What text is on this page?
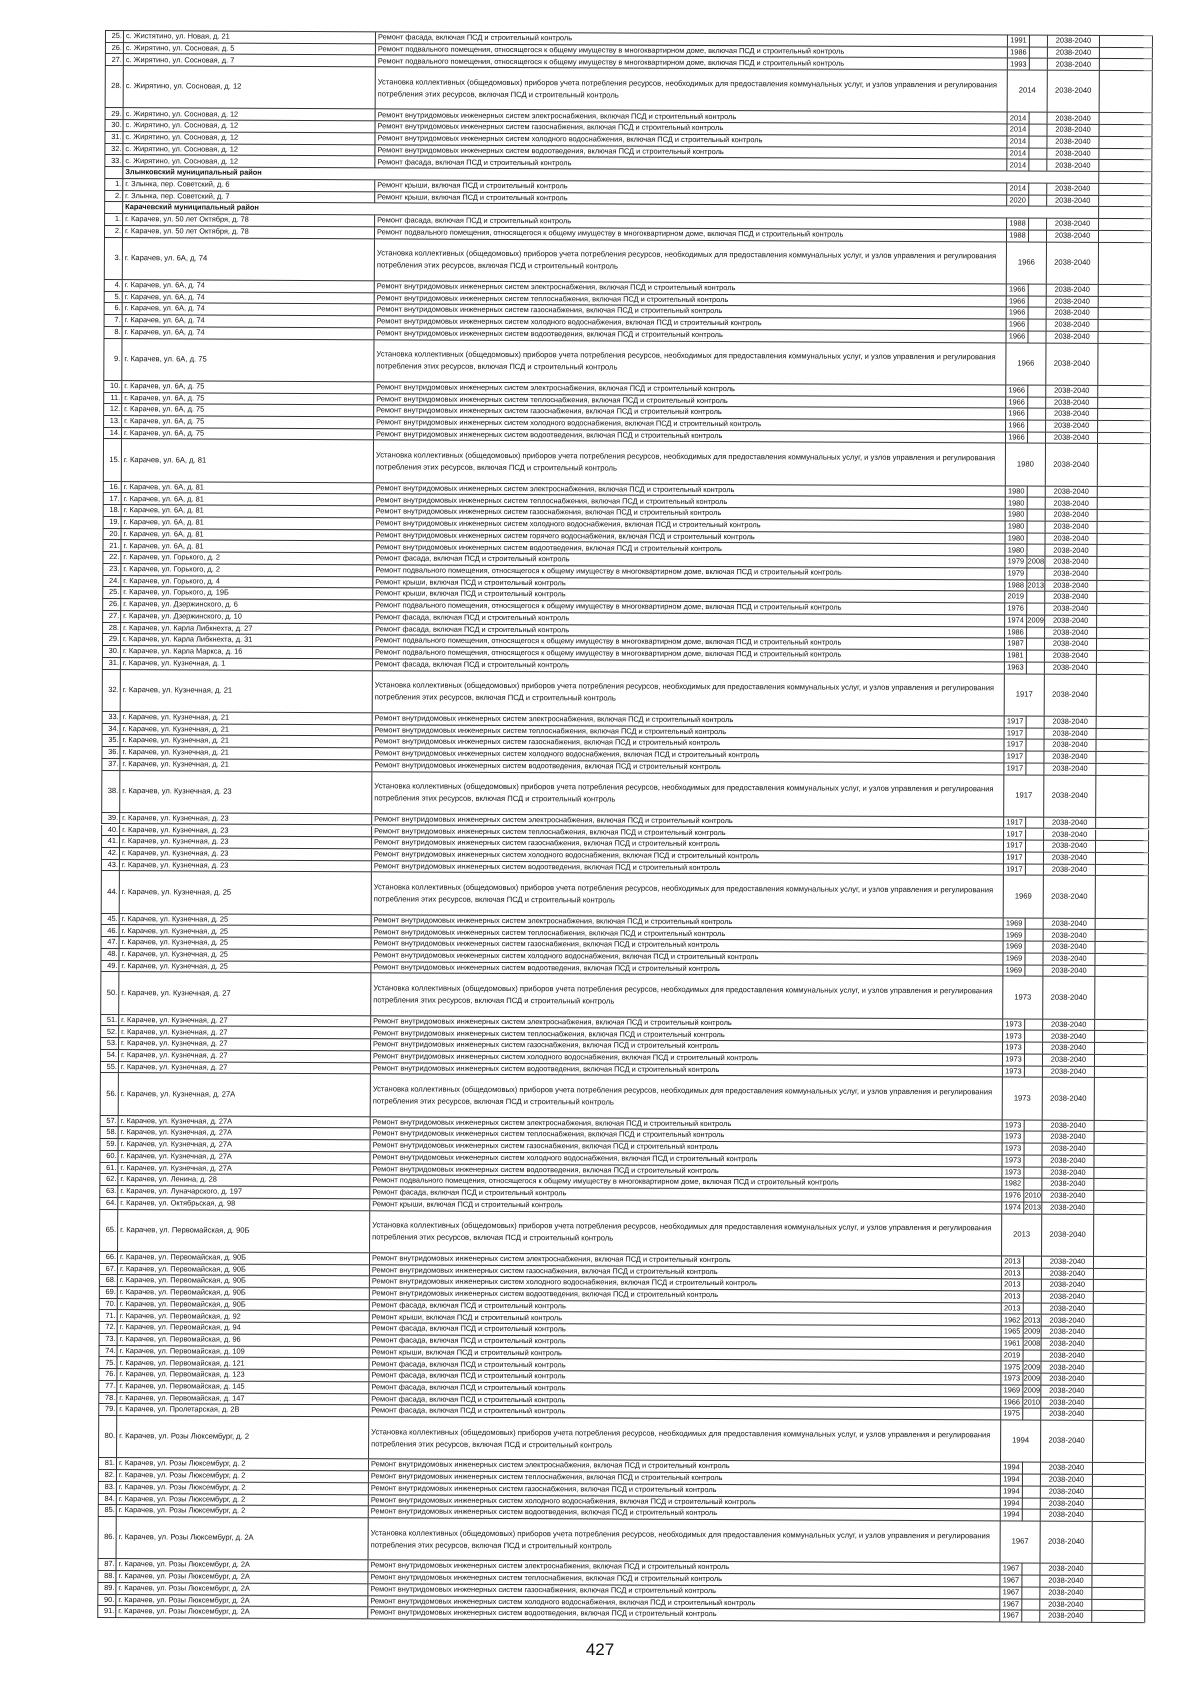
25. с. Жистятино, ул. Новая, д. 21	Ремонт фасада, включая ПСД и строительный контроль	1991	2038-2040
26. с. Жирятино, ул. Сосновая, д. 5	Ремонт подвального помещения, относящегося к общему имуществу в многоквартирном доме, включая ПСД и строительный контроль	1986	2038-2040
27. с. Жирятино, ул. Сосновая, д. 7	Ремонт подвального помещения, относящегося к общему имуществу в многоквартирном доме, включая ПСД и строительный контроль	1993	2038-2040
28. с. Жирятино, ул. Сосновая, д. 12	Установка коллективных (общедомовых) приборов учета потребления ресурсов, необходимых для предоставления коммунальных услуг, и узлов управления и регулирования потребления этих ресурсов, включая ПСД и строительный контроль	2014	2038-2040
29. с. Жирятино, ул. Сосновая, д. 12	Ремонт внутридомовых инженерных систем электроснабжения, включая ПСД и строительный контроль	2014	2038-2040
30. с. Жирятино, ул. Сосновая, д. 12	Ремонт внутридомовых инженерных систем газоснабжения, включая ПСД и строительный контроль	2014	2038-2040
31. с. Жирятино, ул. Сосновая, д. 12	Ремонт внутридомовых инженерных систем холодного водоснабжения, включая ПСД и строительный контроль	2014	2038-2040
32. с. Жирятино, ул. Сосновая, д. 12	Ремонт внутридомовых инженерных систем водоотведения, включая ПСД и строительный контроль	2014	2038-2040
33. с. Жирятино, ул. Сосновая, д. 12	Ремонт фасада, включая ПСД и строительный контроль	2014	2038-2040
Злынковский муниципальный район
1. г. Злынка, пер. Советский, д. 6	Ремонт крыши, включая ПСД и строительный контроль	2014	2038-2040
2. г. Злынка, пер. Советский, д. 7	Ремонт крыши, включая ПСД и строительный контроль	2020	2038-2040
Карачевский муниципальный район
1. г. Карачев, ул. 50 лет Октября, д. 78	Ремонт фасада, включая ПСД и строительный контроль	1988	2038-2040
2. г. Карачев, ул. 50 лет Октября, д. 78	Ремонт подвального помещения, относящегося к общему имуществу в многоквартирном доме, включая ПСД и строительный контроль	1988	2038-2040
3. г. Карачев, ул. 6А, д. 74	Установка коллективных (общедомовых) приборов учета потребления ресурсов, необходимых для предоставления коммунальных услуг, и узлов управления и регулирования потребления этих ресурсов, включая ПСД и строительный контроль	1966	2038-2040
4. г. Карачев, ул. 6А, д. 74	Ремонт внутридомовых инженерных систем электроснабжения, включая ПСД и строительный контроль	1966	2038-2040
5. г. Карачев, ул. 6А, д. 74	Ремонт внутридомовых инженерных систем теплоснабжения, включая ПСД и строительный контроль	1966	2038-2040
6. г. Карачев, ул. 6А, д. 74	Ремонт внутридомовых инженерных систем газоснабжения, включая ПСД и строительный контроль	1966	2038-2040
7. г. Карачев, ул. 6А, д. 74	Ремонт внутридомовых инженерных систем холодного водоснабжения, включая ПСД и строительный контроль	1966	2038-2040
8. г. Карачев, ул. 6А, д. 74	Ремонт внутридомовых инженерных систем водоотведения, включая ПСД и строительный контроль	1966	2038-2040
9. г. Карачев, ул. 6А, д. 75	Установка коллективных (общедомовых) приборов учета потребления ресурсов, необходимых для предоставления коммунальных услуг, и узлов управления и регулирования потребления этих ресурсов, включая ПСД и строительный контроль	1966	2038-2040
10. г. Карачев, ул. 6А, д. 75	Ремонт внутридомовых инженерных систем электроснабжения, включая ПСД и строительный контроль	1966	2038-2040
11. г. Карачев, ул. 6А, д. 75	Ремонт внутридомовых инженерных систем теплоснабжения, включая ПСД и строительный контроль	1966	2038-2040
12. г. Карачев, ул. 6А, д. 75	Ремонт внутридомовых инженерных систем газоснабжения, включая ПСД и строительный контроль	1966	2038-2040
13. г. Карачев, ул. 6А, д. 75	Ремонт внутридомовых инженерных систем холодного водоснабжения, включая ПСД и строительный контроль	1966	2038-2040
14. г. Карачев, ул. 6А, д. 75	Ремонт внутридомовых инженерных систем водоотведения, включая ПСД и строительный контроль	1966	2038-2040
15. г. Карачев, ул. 6А, д. 81	Установка коллективных (общедомовых) приборов учета потребления ресурсов, необходимых для предоставления коммунальных услуг, и узлов управления и регулирования потребления этих ресурсов, включая ПСД и строительный контроль	1980	2038-2040
16. г. Карачев, ул. 6А, д. 81	Ремонт внутридомовых инженерных систем электроснабжения, включая ПСД и строительный контроль	1980	2038-2040
17. г. Карачев, ул. 6А, д. 81	Ремонт внутридомовых инженерных систем теплоснабжения, включая ПСД и строительный контроль	1980	2038-2040
18. г. Карачев, ул. 6А, д. 81	Ремонт внутридомовых инженерных систем газоснабжения, включая ПСД и строительный контроль	1980	2038-2040
19. г. Карачев, ул. 6А, д. 81	Ремонт внутридомовых инженерных систем холодного водоснабжения, включая ПСД и строительный контроль	1980	2038-2040
20. г. Карачев, ул. 6А, д. 81	Ремонт внутридомовых инженерных систем горячего водоснабжения, включая ПСД и строительный контроль	1980	2038-2040
21. г. Карачев, ул. 6А, д. 81	Ремонт внутридомовых инженерных систем водоотведения, включая ПСД и строительный контроль	1980	2038-2040
22. г. Карачев, ул. Горького, д. 2	Ремонт фасада, включая ПСД и строительный контроль	1979 2008	2038-2040
23. г. Карачев, ул. Горького, д. 2	Ремонт подвального помещения, относящегося к общему имуществу в многоквартирном доме, включая ПСД и строительный контроль	1979	2038-2040
24. г. Карачев, ул. Горького, д. 4	Ремонт крыши, включая ПСД и строительный контроль	1988 2013	2038-2040
25. г. Карачев, ул. Горького, д. 19Б	Ремонт крыши, включая ПСД и строительный контроль	2019	2038-2040
26. г. Карачев, ул. Дзержинского, д. 6	Ремонт подвального помещения, относящегося к общему имуществу в многоквартирном доме, включая ПСД и строительный контроль	1976	2038-2040
27. г. Карачев, ул. Дзержинского, д. 10	Ремонт фасада, включая ПСД и строительный контроль	1974 2009	2038-2040
28. г. Карачев, ул. Карла Либкнехта, д. 27	Ремонт фасада, включая ПСД и строительный контроль	1986	2038-2040
29. г. Карачев, ул. Карла Либкнехта, д. 31	Ремонт подвального помещения, относящегося к общему имуществу в многоквартирном доме, включая ПСД и строительный контроль	1987	2038-2040
30. г. Карачев, ул. Карла Маркса, д. 16	Ремонт подвального помещения, относящегося к общему имуществу в многоквартирном доме, включая ПСД и строительный контроль	1981	2038-2040
31. г. Карачев, ул. Кузнечная, д. 1	Ремонт фасада, включая ПСД и строительный контроль	1963	2038-2040
32. г. Карачев, ул. Кузнечная, д. 21	Установка коллективных (общедомовых) приборов учета потребления ресурсов, необходимых для предоставления коммунальных услуг, и узлов управления и регулирования потребления этих ресурсов, включая ПСД и строительный контроль	1917	2038-2040
33. г. Карачев, ул. Кузнечная, д. 21	Ремонт внутридомовых инженерных систем электроснабжения, включая ПСД и строительный контроль	1917	2038-2040
34. г. Карачев, ул. Кузнечная, д. 21	Ремонт внутридомовых инженерных систем теплоснабжения, включая ПСД и строительный контроль	1917	2038-2040
35. г. Карачев, ул. Кузнечная, д. 21	Ремонт внутридомовых инженерных систем газоснабжения, включая ПСД и строительный контроль	1917	2038-2040
36. г. Карачев, ул. Кузнечная, д. 21	Ремонт внутридомовых инженерных систем холодного водоснабжения, включая ПСД и строительный контроль	1917	2038-2040
37. г. Карачев, ул. Кузнечная, д. 21	Ремонт внутридомовых инженерных систем водоотведения, включая ПСД и строительный контроль	1917	2038-2040
38. г. Карачев, ул. Кузнечная, д. 23	Установка коллективных (общедомовых) приборов учета потребления ресурсов, необходимых для предоставления коммунальных услуг, и узлов управления и регулирования потребления этих ресурсов, включая ПСД и строительный контроль	1917	2038-2040
39. г. Карачев, ул. Кузнечная, д. 23	Ремонт внутридомовых инженерных систем электроснабжения, включая ПСД и строительный контроль	1917	2038-2040
40. г. Карачев, ул. Кузнечная, д. 23	Ремонт внутридомовых инженерных систем теплоснабжения, включая ПСД и строительный контроль	1917	2038-2040
41. г. Карачев, ул. Кузнечная, д. 23	Ремонт внутридомовых инженерных систем газоснабжения, включая ПСД и строительный контроль	1917	2038-2040
42. г. Карачев, ул. Кузнечная, д. 23	Ремонт внутридомовых инженерных систем холодного водоснабжения, включая ПСД и строительный контроль	1917	2038-2040
43. г. Карачев, ул. Кузнечная, д. 23	Ремонт внутридомовых инженерных систем водоотведения, включая ПСД и строительный контроль	1917	2038-2040
44. г. Карачев, ул. Кузнечная, д. 25	Установка коллективных (общедомовых) приборов учета потребления ресурсов, необходимых для предоставления коммунальных услуг, и узлов управления и регулирования потребления этих ресурсов, включая ПСД и строительный контроль	1969	2038-2040
45. г. Карачев, ул. Кузнечная, д. 25	Ремонт внутридомовых инженерных систем электроснабжения, включая ПСД и строительный контроль	1969	2038-2040
46. г. Карачев, ул. Кузнечная, д. 25	Ремонт внутридомовых инженерных систем теплоснабжения, включая ПСД и строительный контроль	1969	2038-2040
47. г. Карачев, ул. Кузнечная, д. 25	Ремонт внутридомовых инженерных систем газоснабжения, включая ПСД и строительный контроль	1969	2038-2040
48. г. Карачев, ул. Кузнечная, д. 25	Ремонт внутридомовых инженерных систем холодного водоснабжения, включая ПСД и строительный контроль	1969	2038-2040
49. г. Карачев, ул. Кузнечная, д. 25	Ремонт внутридомовых инженерных систем водоотведения, включая ПСД и строительный контроль	1969	2038-2040
50. г. Карачев, ул. Кузнечная, д. 27	Установка коллективных (общедомовых) приборов учета потребления ресурсов, необходимых для предоставления коммунальных услуг, и узлов управления и регулирования потребления этих ресурсов, включая ПСД и строительный контроль	1973	2038-2040
51. г. Карачев, ул. Кузнечная, д. 27	Ремонт внутридомовых инженерных систем электроснабжения, включая ПСД и строительный контроль	1973	2038-2040
52. г. Карачев, ул. Кузнечная, д. 27	Ремонт внутридомовых инженерных систем теплоснабжения, включая ПСД и строительный контроль	1973	2038-2040
53. г. Карачев, ул. Кузнечная, д. 27	Ремонт внутридомовых инженерных систем газоснабжения, включая ПСД и строительный контроль	1973	2038-2040
54. г. Карачев, ул. Кузнечная, д. 27	Ремонт внутридомовых инженерных систем холодного водоснабжения, включая ПСД и строительный контроль	1973	2038-2040
55. г. Карачев, ул. Кузнечная, д. 27	Ремонт внутридомовых инженерных систем водоотведения, включая ПСД и строительный контроль	1973	2038-2040
56. г. Карачев, ул. Кузнечная, д. 27А	Установка коллективных (общедомовых) приборов учета потребления ресурсов, необходимых для предоставления коммунальных услуг, и узлов управления и регулирования потребления этих ресурсов, включая ПСД и строительный контроль	1973	2038-2040
57. г. Карачев, ул. Кузнечная, д. 27А	Ремонт внутридомовых инженерных систем электроснабжения, включая ПСД и строительный контроль	1973	2038-2040
58. г. Карачев, ул. Кузнечная, д. 27А	Ремонт внутридомовых инженерных систем теплоснабжения, включая ПСД и строительный контроль	1973	2038-2040
59. г. Карачев, ул. Кузнечная, д. 27А	Ремонт внутридомовых инженерных систем газоснабжения, включая ПСД и строительный контроль	1973	2038-2040
60. г. Карачев, ул. Кузнечная, д. 27А	Ремонт внутридомовых инженерных систем холодного водоснабжения, включая ПСД и строительный контроль	1973	2038-2040
61. г. Карачев, ул. Кузнечная, д. 27А	Ремонт внутридомовых инженерных систем водоотведения, включая ПСД и строительный контроль	1973	2038-2040
62. г. Карачев, ул. Ленина, д. 28	Ремонт подвального помещения, относящегося к общему имуществу в многоквартирном доме, включая ПСД и строительный контроль	1982	2038-2040
63. г. Карачев, ул. Луначарского, д. 197	Ремонт фасада, включая ПСД и строительный контроль	1976 2010	2038-2040
64. г. Карачев, ул. Октябрьская, д. 98	Ремонт крыши, включая ПСД и строительный контроль	1974 2013	2038-2040
65. г. Карачев, ул. Первомайская, д. 90Б	Установка коллективных (общедомовых) приборов учета потребления ресурсов, необходимых для предоставления коммунальных услуг, и узлов управления и регулирования потребления этих ресурсов, включая ПСД и строительный контроль	2013	2038-2040
66. г. Карачев, ул. Первомайская, д. 90Б	Ремонт внутридомовых инженерных систем электроснабжения, включая ПСД и строительный контроль	2013	2038-2040
67. г. Карачев, ул. Первомайская, д. 90Б	Ремонт внутридомовых инженерных систем газоснабжения, включая ПСД и строительный контроль	2013	2038-2040
68. г. Карачев, ул. Первомайская, д. 90Б	Ремонт внутридомовых инженерных систем холодного водоснабжения, включая ПСД и строительный контроль	2013	2038-2040
69. г. Карачев, ул. Первомайская, д. 90Б	Ремонт внутридомовых инженерных систем водоотведения, включая ПСД и строительный контроль	2013	2038-2040
70. г. Карачев, ул. Первомайская, д. 90Б	Ремонт фасада, включая ПСД и строительный контроль	2013	2038-2040
71. г. Карачев, ул. Первомайская, д. 92	Ремонт крыши, включая ПСД и строительный контроль	1962 2013	2038-2040
72. г. Карачев, ул. Первомайская, д. 94	Ремонт фасада, включая ПСД и строительный контроль	1965 2009	2038-2040
73. г. Карачев, ул. Первомайская, д. 96	Ремонт фасада, включая ПСД и строительный контроль	1961 2008	2038-2040
74. г. Карачев, ул. Первомайская, д. 109	Ремонт крыши, включая ПСД и строительный контроль	2019	2038-2040
75. г. Карачев, ул. Первомайская, д. 121	Ремонт фасада, включая ПСД и строительный контроль	1975 2009	2038-2040
76. г. Карачев, ул. Первомайская, д. 123	Ремонт фасада, включая ПСД и строительный контроль	1973 2009	2038-2040
77. г. Карачев, ул. Первомайская, д. 145	Ремонт фасада, включая ПСД и строительный контроль	1969 2009	2038-2040
78. г. Карачев, ул. Первомайская, д. 147	Ремонт фасада, включая ПСД и строительный контроль	1966 2010	2038-2040
79. г. Карачев, ул. Пролетарская, д. 2В	Ремонт фасада, включая ПСД и строительный контроль	1975	2038-2040
80. г. Карачев, ул. Розы Люксембург, д. 2	Установка коллективных (общедомовых) приборов учета потребления ресурсов, необходимых для предоставления коммунальных услуг, и узлов управления и регулирования потребления этих ресурсов, включая ПСД и строительный контроль	1994	2038-2040
81. г. Карачев, ул. Розы Люксембург, д. 2	Ремонт внутридомовых инженерных систем электроснабжения, включая ПСД и строительный контроль	1994	2038-2040
82. г. Карачев, ул. Розы Люксембург, д. 2	Ремонт внутридомовых инженерных систем теплоснабжения, включая ПСД и строительный контроль	1994	2038-2040
83. г. Карачев, ул. Розы Люксембург, д. 2	Ремонт внутридомовых инженерных систем газоснабжения, включая ПСД и строительный контроль	1994	2038-2040
84. г. Карачев, ул. Розы Люксембург, д. 2	Ремонт внутридомовых инженерных систем холодного водоснабжения, включая ПСД и строительный контроль	1994	2038-2040
85. г. Карачев, ул. Розы Люксембург, д. 2	Ремонт внутридомовых инженерных систем водоотведения, включая ПСД и строительный контроль	1994	2038-2040
86. г. Карачев, ул. Розы Люксембург, д. 2А	Установка коллективных (общедомовых) приборов учета потребления ресурсов, необходимых для предоставления коммунальных услуг, и узлов управления и регулирования потребления этих ресурсов, включая ПСД и строительный контроль	1967	2038-2040
87. г. Карачев, ул. Розы Люксембург, д. 2А	Ремонт внутридомовых инженерных систем электроснабжения, включая ПСД и строительный контроль	1967	2038-2040
88. г. Карачев, ул. Розы Люксембург, д. 2А	Ремонт внутридомовых инженерных систем теплоснабжения, включая ПСД и строительный контроль	1967	2038-2040
89. г. Карачев, ул. Розы Люксембург, д. 2А	Ремонт внутридомовых инженерных систем газоснабжения, включая ПСД и строительный контроль	1967	2038-2040
90. г. Карачев, ул. Розы Люксембург, д. 2А	Ремонт внутридомовых инженерных систем холодного водоснабжения, включая ПСД и строительный контроль	1967	2038-2040
91. г. Карачев, ул. Розы Люксембург, д. 2А	Ремонт внутридомовых инженерных систем водоотведения, включая ПСД и строительный контроль	1967	2038-2040
427
